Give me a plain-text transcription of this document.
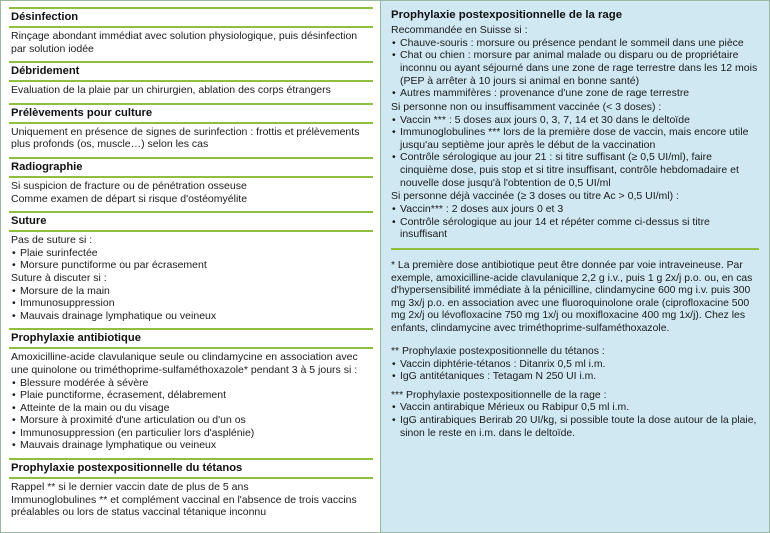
Désinfection

Rinçage abondant immédiat avec solution physiologique, puis désinfection par solution iodée

Débridement

Evaluation de la plaie par un chirurgien, ablation des corps étrangers

Prélèvements pour culture

Uniquement en présence de signes de surinfection : frottis et prélèvements plus profonds (os, muscle…) selon les cas

Radiographie

Si suspicion de fracture ou de pénétration osseuse

Comme examen de départ si risque d'ostéomyélite

Suture

Pas de suture si :

• Plaie surinfectée
• Morsure punctiforme ou par écrasement

Suture à discuter si :

• Morsure de la main
• Immunosuppression
• Mauvais drainage lymphatique ou veineux
Prophylaxie antibiotique

Amoxicilline-acide clavulanique seule ou clindamycine en association avec une quinolone ou triméthoprime-sulfaméthoxazole* pendant 3 à 5 jours si :

• Blessure modérée à sévère
• Plaie punctiforme, écrasement, délabrement
• Atteinte de la main ou du visage
• Morsure à proximité d'une articulation ou d'un os
• Immunosuppression (en particulier lors d'asplénie)
• Mauvais drainage lymphatique ou veineux
Prophylaxie postexpositionnelle du tétanos

Rappel ** si le dernier vaccin date de plus de 5 ans

Immunoglobulines ** et complément vaccinal en l'absence de trois vaccins préalables ou lors de status vaccinal tétanique inconnu

Prophylaxie postexpositionnelle de la rage

Recommandée en Suisse si :

• Chauve-souris : morsure ou présence pendant le sommeil dans une pièce
• Chat ou chien : morsure par animal malade ou disparu ou de propriétaire inconnu ou ayant séjourné dans une zone de rage terrestre dans les 12 mois (PEP à arrêter à 10 jours si animal en bonne santé)
• Autres mammifères : provenance d'une zone de rage terrestre

Si personne non ou insuffisamment vaccinée (< 3 doses) :

• Vaccin *** : 5 doses aux jours 0, 3, 7, 14 et 30 dans le deltoïde
• Immunoglobulines *** lors de la première dose de vaccin, mais encore utile jusqu'au septième jour après le début de la vaccination
• Contrôle sérologique au jour 21 : si titre suffisant (≥ 0,5 UI/ml), faire cinquième dose, puis stop et si titre insuffisant, contrôle hebdomadaire et nouvelle dose jusqu'à l'obtention de 0,5 UI/ml

Si personne déjà vaccinée (≥ 3 doses ou titre Ac > 0,5 UI/ml) :

• Vaccin*** : 2 doses aux jours 0 et 3
• Contrôle sérologique au jour 14 et répéter comme ci-dessus si titre insuffisant

* La première dose antibiotique peut être donnée par voie intraveineuse. Par exemple, amoxicilline-acide clavulanique 2,2 g i.v., puis 1 g 2x/j p.o. ou, en cas d'hypersensibilité immédiate à la pénicilline, clindamycine 600 mg i.v. puis 300 mg 3x/j p.o. en association avec une fluoroquinolone orale (ciprofloxacine 500 mg 2x/j ou lévofloxacine 750 mg 1x/j ou moxifloxacine 400 mg 1x/j). Chez les enfants, clindamycine avec triméthoprime-sulfaméthoxazole.

** Prophylaxie postexpositionnelle du tétanos :

• Vaccin diphtérie-tétanos : Ditanrix 0,5 ml i.m.
• IgG antitétaniques : Tetagam N 250 UI i.m.

*** Prophylaxie postexpositionnelle de la rage :

• Vaccin antirabique Mérieux ou Rabipur 0,5 ml i.m.
• IgG antirabiques Berirab 20 UI/kg, si possible toute la dose autour de la plaie, sinon le reste en i.m. dans le deltoïde.
